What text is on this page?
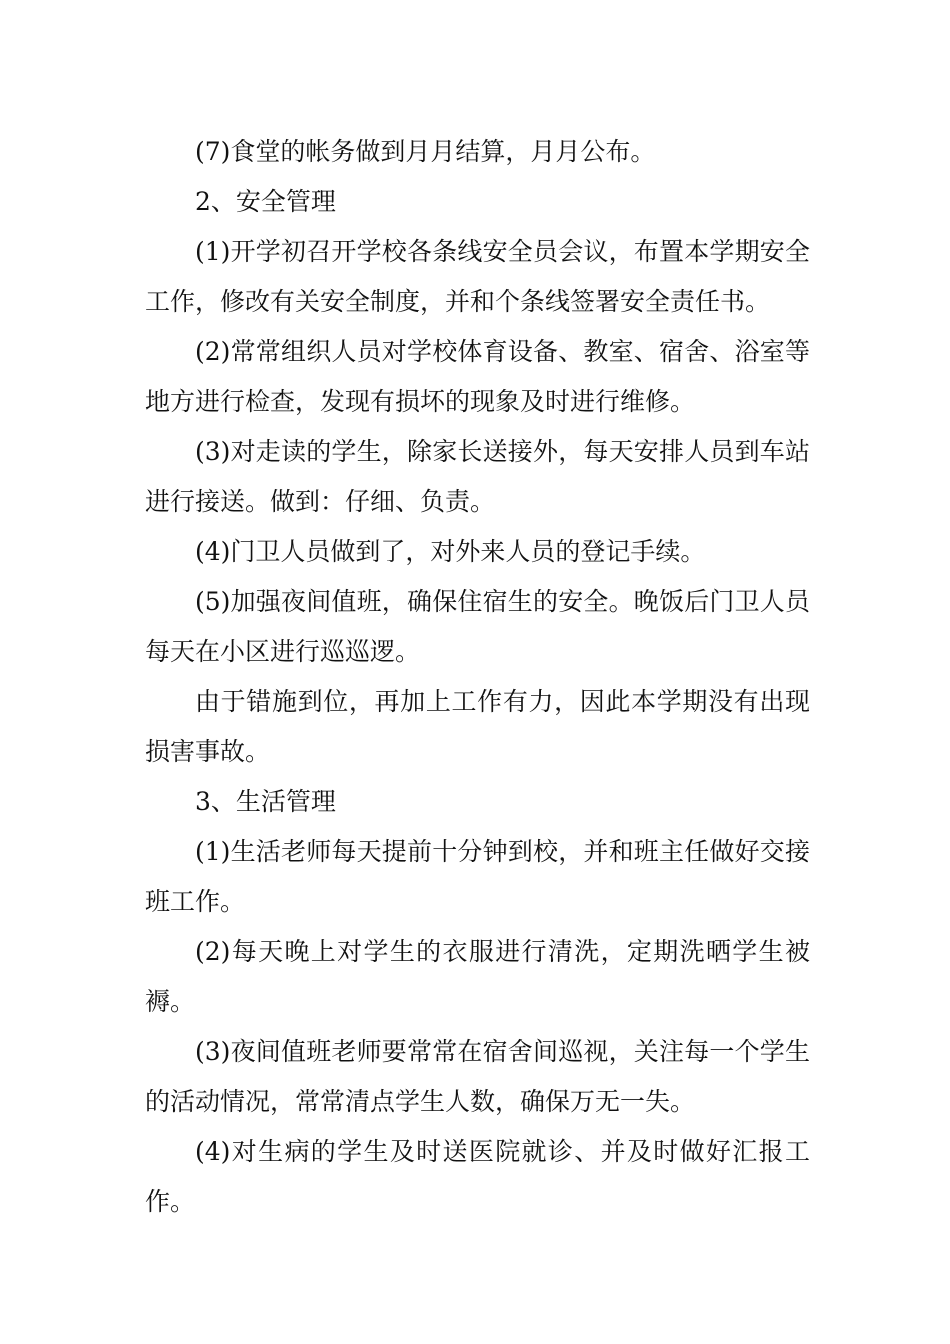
(7)食堂的帐务做到月月结算，月月公布。

2、安全管理

(1)开学初召开学校各条线安全员会议，布置本学期安全工作，修改有关安全制度，并和个条线签署安全责任书。

(2)常常组织人员对学校体育设备、教室、宿舍、浴室等地方进行检查，发现有损坏的现象及时进行维修。

(3)对走读的学生，除家长送接外，每天安排人员到车站进行接送。做到：仔细、负责。

(4)门卫人员做到了，对外来人员的登记手续。

(5)加强夜间值班，确保住宿生的安全。晚饭后门卫人员每天在小区进行巡巡逻。

由于错施到位，再加上工作有力，因此本学期没有出现损害事故。

3、生活管理

(1)生活老师每天提前十分钟到校，并和班主任做好交接班工作。

(2)每天晚上对学生的衣服进行清洗，定期洗晒学生被褥。

(3)夜间值班老师要常常在宿舍间巡视，关注每一个学生的活动情况，常常清点学生人数，确保万无一失。

(4)对生病的学生及时送医院就诊、并及时做好汇报工作。
